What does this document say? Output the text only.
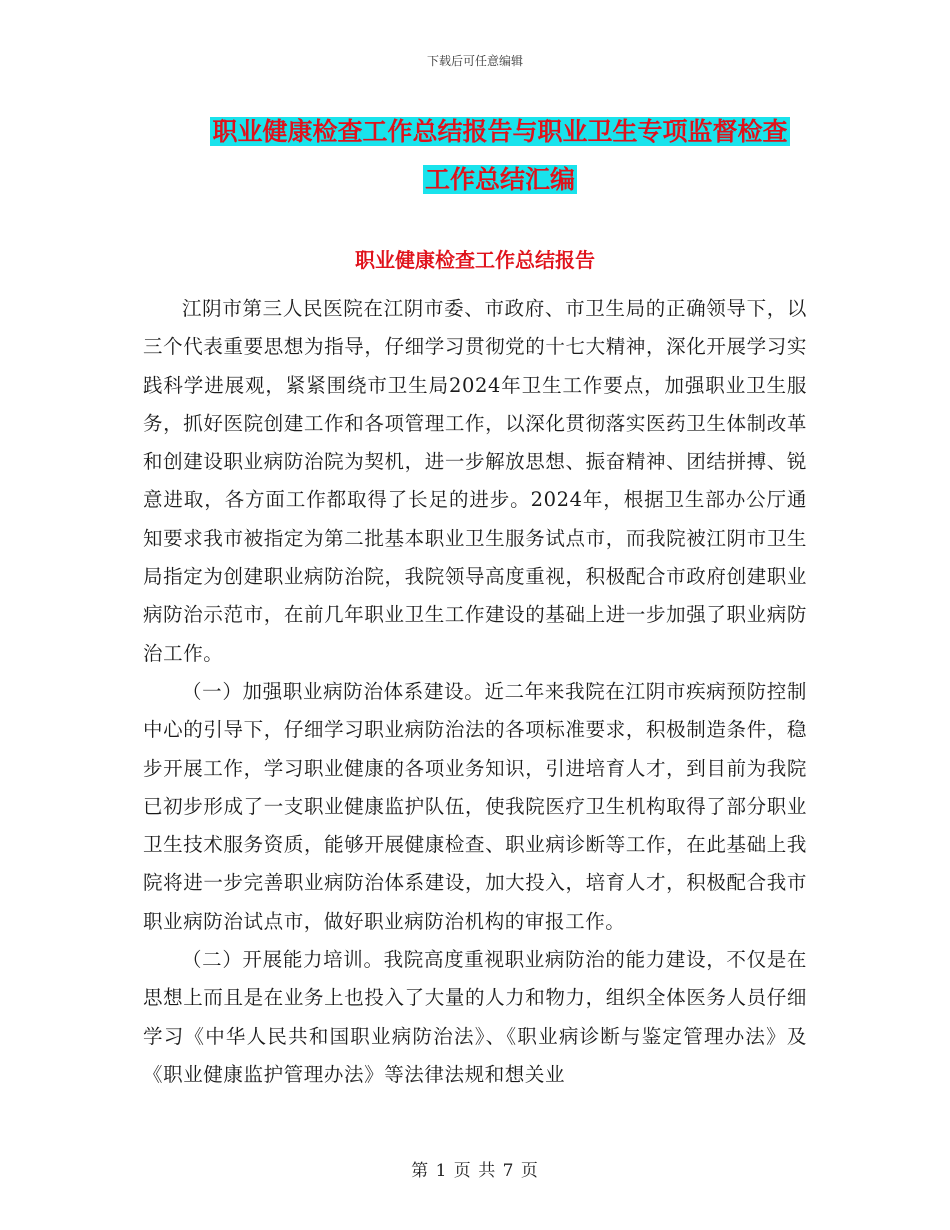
下载后可任意编辑
职业健康检查工作总结报告与职业卫生专项监督检查
工作总结汇编
职业健康检查工作总结报告

江阴市第三人民医院在江阴市委、市政府、市卫生局的正确领导下，以三个代表重要思想为指导，仔细学习贯彻党的十七大精神，深化开展学习实践科学进展观，紧紧围绕市卫生局2024年卫生工作要点，加强职业卫生服务，抓好医院创建工作和各项管理工作，以深化贯彻落实医药卫生体制改革和创建设职业病防治院为契机，进一步解放思想、振奋精神、团结拼搏、锐意进取，各方面工作都取得了长足的进步。2024年，根据卫生部办公厅通知要求我市被指定为第二批基本职业卫生服务试点市，而我院被江阴市卫生局指定为创建职业病防治院，我院领导高度重视，积极配合市政府创建职业病防治示范市，在前几年职业卫生工作建设的基础上进一步加强了职业病防治工作。

（一）加强职业病防治体系建设。近二年来我院在江阴市疾病预防控制中心的引导下，仔细学习职业病防治法的各项标准要求，积极制造条件，稳步开展工作，学习职业健康的各项业务知识，引进培育人才，到目前为我院已初步形成了一支职业健康监护队伍，使我院医疗卫生机构取得了部分职业卫生技术服务资质，能够开展健康检查、职业病诊断等工作，在此基础上我院将进一步完善职业病防治体系建设，加大投入，培育人才，积极配合我市职业病防治试点市，做好职业病防治机构的审报工作。

（二）开展能力培训。我院高度重视职业病防治的能力建设，不仅是在思想上而且是在业务上也投入了大量的人力和物力，组织全体医务人员仔细学习《中华人民共和国职业病防治法》、《职业病诊断与鉴定管理办法》及《职业健康监护管理办法》等法律法规和想关业

第 1 页 共 7 页
